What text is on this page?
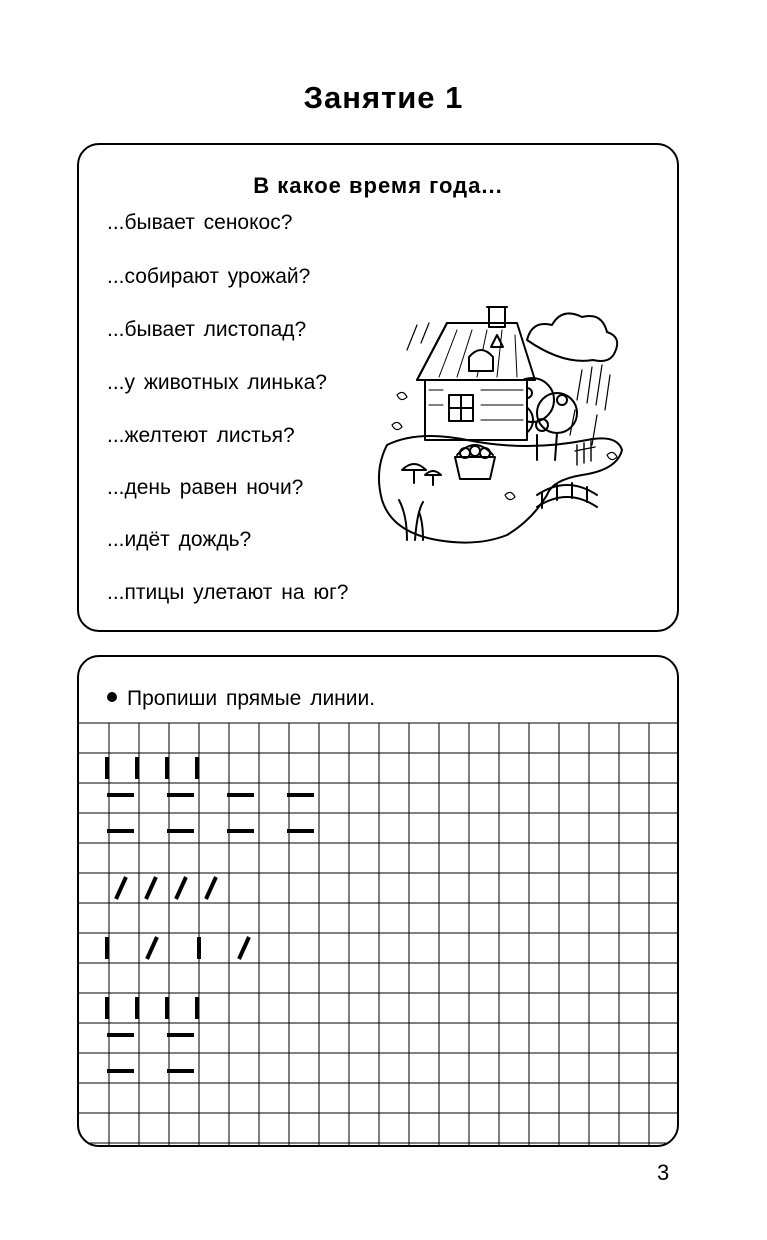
Занятие 1
В какое время года...
...бывает сенокос?
...собирают урожай?
...бывает листопад?
...у животных линька?
...желтеют листья?
...день равен ночи?
...идёт дождь?
...птицы улетают на юг?
Пропиши прямые линии.
3
